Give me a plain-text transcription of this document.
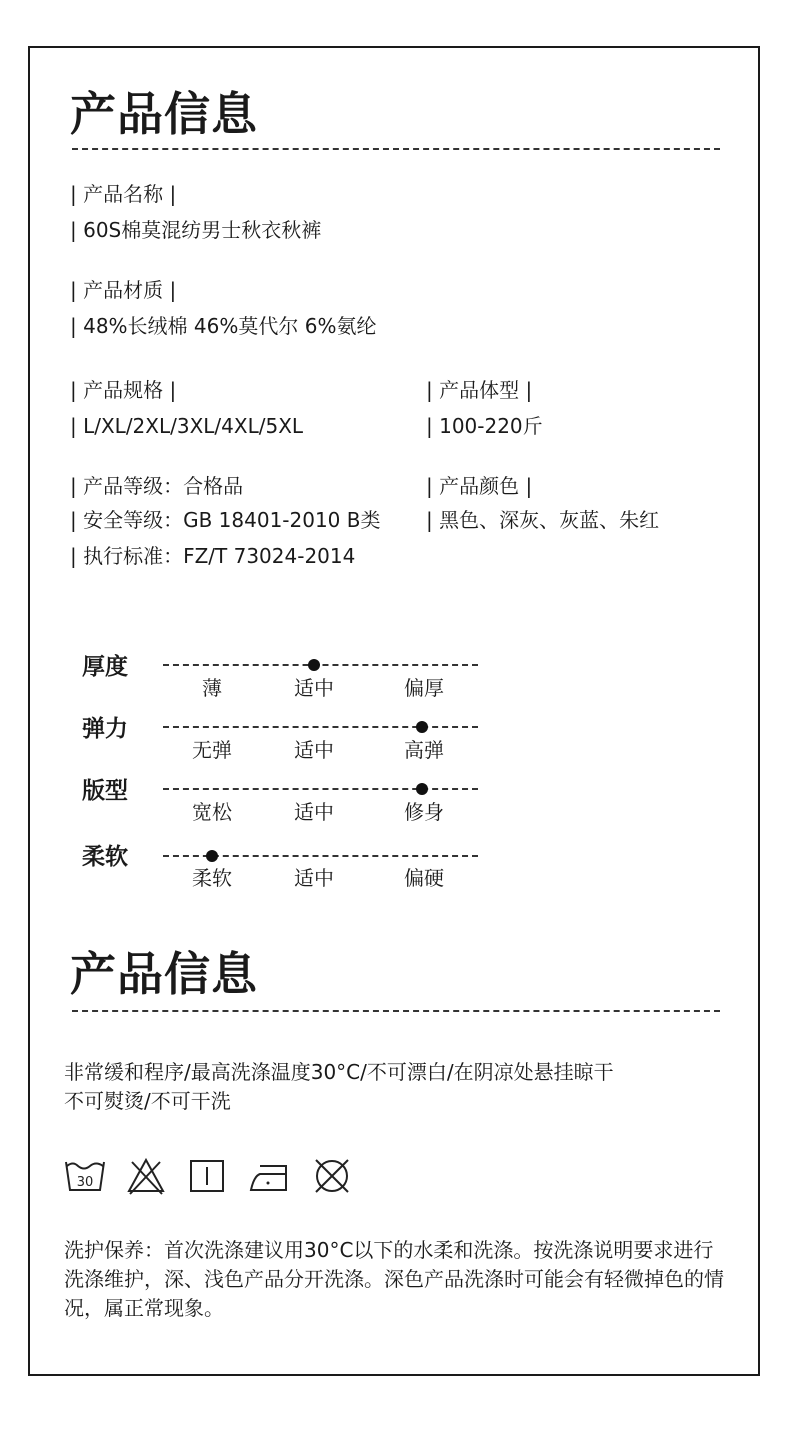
产品信息
| 产品名称 |
| 60S棉莫混纺男士秋衣秋裤
| 产品材质 |
| 48%长绒棉 46%莫代尔 6%氨纶
| 产品规格 |
| L/XL/2XL/3XL/4XL/5XL
| 产品体型 |
| 100-220斤
| 产品等级：合格品
| 安全等级：GB 18401-2010 B类
| 执行标准：FZ/T 73024-2014
| 产品颜色 |
| 黑色、深灰、灰蓝、朱红
厚度
薄	适中	偏厚
弹力
无弹	适中	高弹
版型
宽松	适中	修身
柔软
柔软	适中	偏硬
产品信息
非常缓和程序/最高洗涤温度30°C/不可漂白/在阴凉处悬挂晾干
不可熨烫/不可干洗
30
洗护保养：首次洗涤建议用30°C以下的水柔和洗涤。按洗涤说明要求进行洗涤维护，深、浅色产品分开洗涤。深色产品洗涤时可能会有轻微掉色的情况，属正常现象。
